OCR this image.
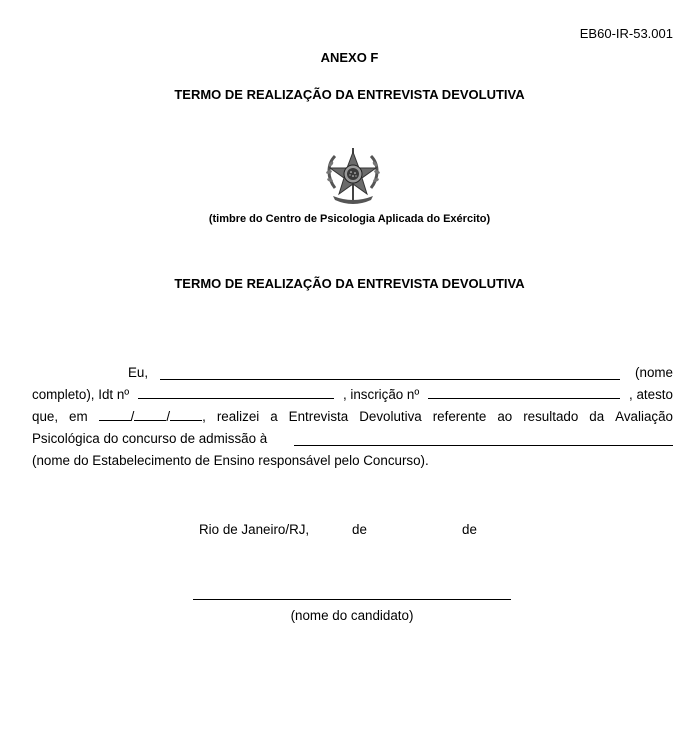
EB60-IR-53.001
ANEXO F
TERMO DE REALIZAÇÃO DA ENTREVISTA DEVOLUTIVA
(timbre do Centro de Psicologia Aplicada do Exército)
TERMO DE REALIZAÇÃO DA ENTREVISTA DEVOLUTIVA
Eu,	(nome
completo), Idt nº	, inscrição nº	, atesto
que, em	/ / , realizei a Entrevista Devolutiva referente ao resultado da Avaliação
Psicológica do concurso de admissão à
(nome do Estabelecimento de Ensino responsável pelo Concurso).
Rio de Janeiro/RJ,	de	de
(nome do candidato)
